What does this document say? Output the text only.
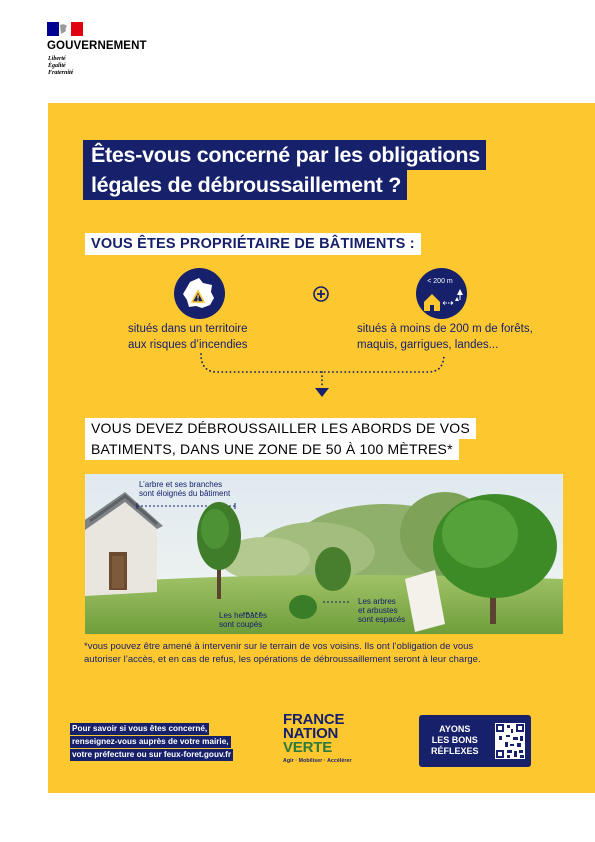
GOUVERNEMENT
Liberté
Égalité
Fraternité
Êtes-vous concerné par les obligations
légales de débroussaillement ?
VOUS ÊTES PROPRIÉTAIRE DE BÂTIMENTS :
< 200 m
situés dans un territoire
aux risques d’incendies
situés à moins de 200 m de forêts,
maquis, garrigues, landes...
VOUS DEVEZ DÉBROUSSAILLER LES ABORDS DE VOS
BATIMENTS, DANS UNE ZONE DE 50 À 100 MÈTRES*
L’arbre et ses branches
sont éloignés du bâtiment
Les herbacés
sont coupés
Les arbres
et arbustes
sont espacés
*vous pouvez être amené à intervenir sur le terrain de vos voisins. Ils ont l’obligation de vous
autoriser l’accès, et en cas de refus, les opérations de débroussaillement seront à leur charge.
Pour savoir si vous êtes concerné,
renseignez-vous auprès de votre mairie,
votre préfecture ou sur feux-foret.gouv.fr
FRANCE
NATION
VERTE
Agir · Mobiliser · Accélérer
AYONS
LES BONS
RÉFLEXES
